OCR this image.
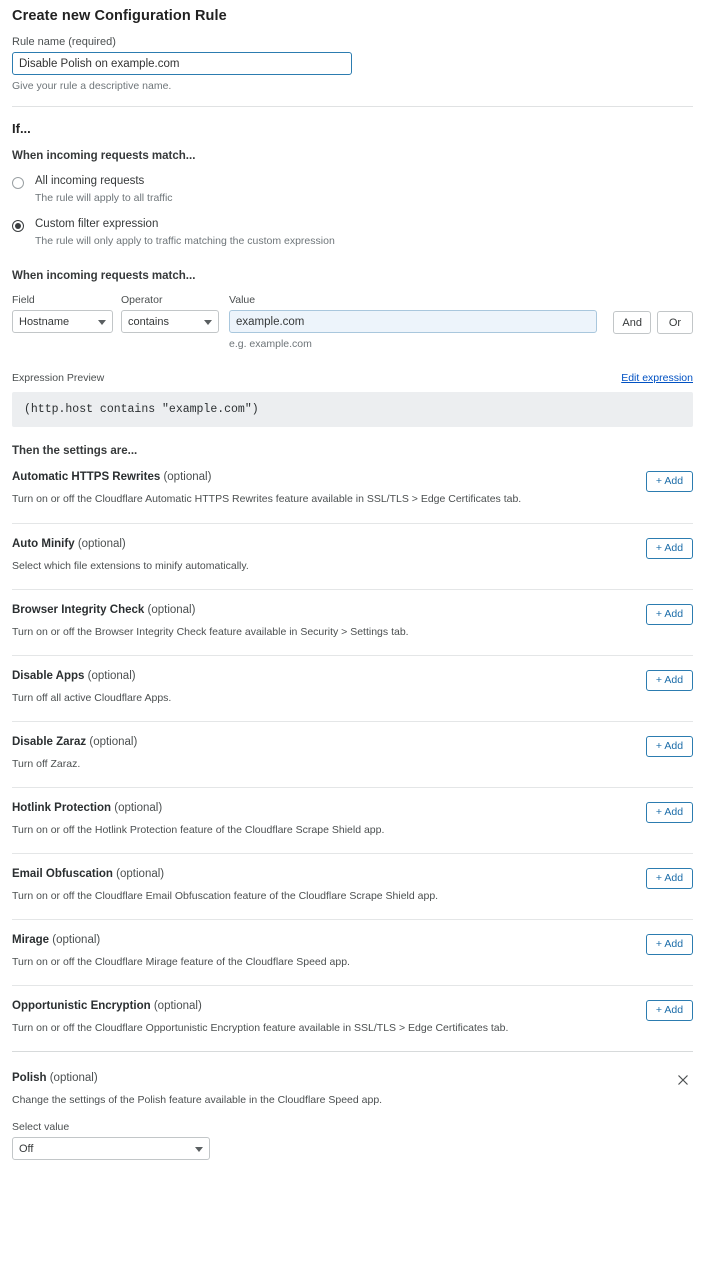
Create new Configuration Rule
Rule name (required)
Disable Polish on example.com
Give your rule a descriptive name.
If...
When incoming requests match...
All incoming requests
The rule will apply to all traffic
Custom filter expression
The rule will only apply to traffic matching the custom expression
When incoming requests match...
Field
Hostname
Operator
contains
Value
example.com
e.g. example.com
And	Or
Expression Preview	Edit expression
(http.host contains "example.com")
Then the settings are...
Automatic HTTPS Rewrites (optional)
Turn on or off the Cloudflare Automatic HTTPS Rewrites feature available in SSL/TLS > Edge Certificates tab.
+ Add
Auto Minify (optional)
Select which file extensions to minify automatically.
+ Add
Browser Integrity Check (optional)
Turn on or off the Browser Integrity Check feature available in Security > Settings tab.
+ Add
Disable Apps (optional)
Turn off all active Cloudflare Apps.
+ Add
Disable Zaraz (optional)
Turn off Zaraz.
+ Add
Hotlink Protection (optional)
Turn on or off the Hotlink Protection feature of the Cloudflare Scrape Shield app.
+ Add
Email Obfuscation (optional)
Turn on or off the Cloudflare Email Obfuscation feature of the Cloudflare Scrape Shield app.
+ Add
Mirage (optional)
Turn on or off the Cloudflare Mirage feature of the Cloudflare Speed app.
+ Add
Opportunistic Encryption (optional)
Turn on or off the Cloudflare Opportunistic Encryption feature available in SSL/TLS > Edge Certificates tab.
+ Add
Polish (optional)
Change the settings of the Polish feature available in the Cloudflare Speed app.
Select value
Off
